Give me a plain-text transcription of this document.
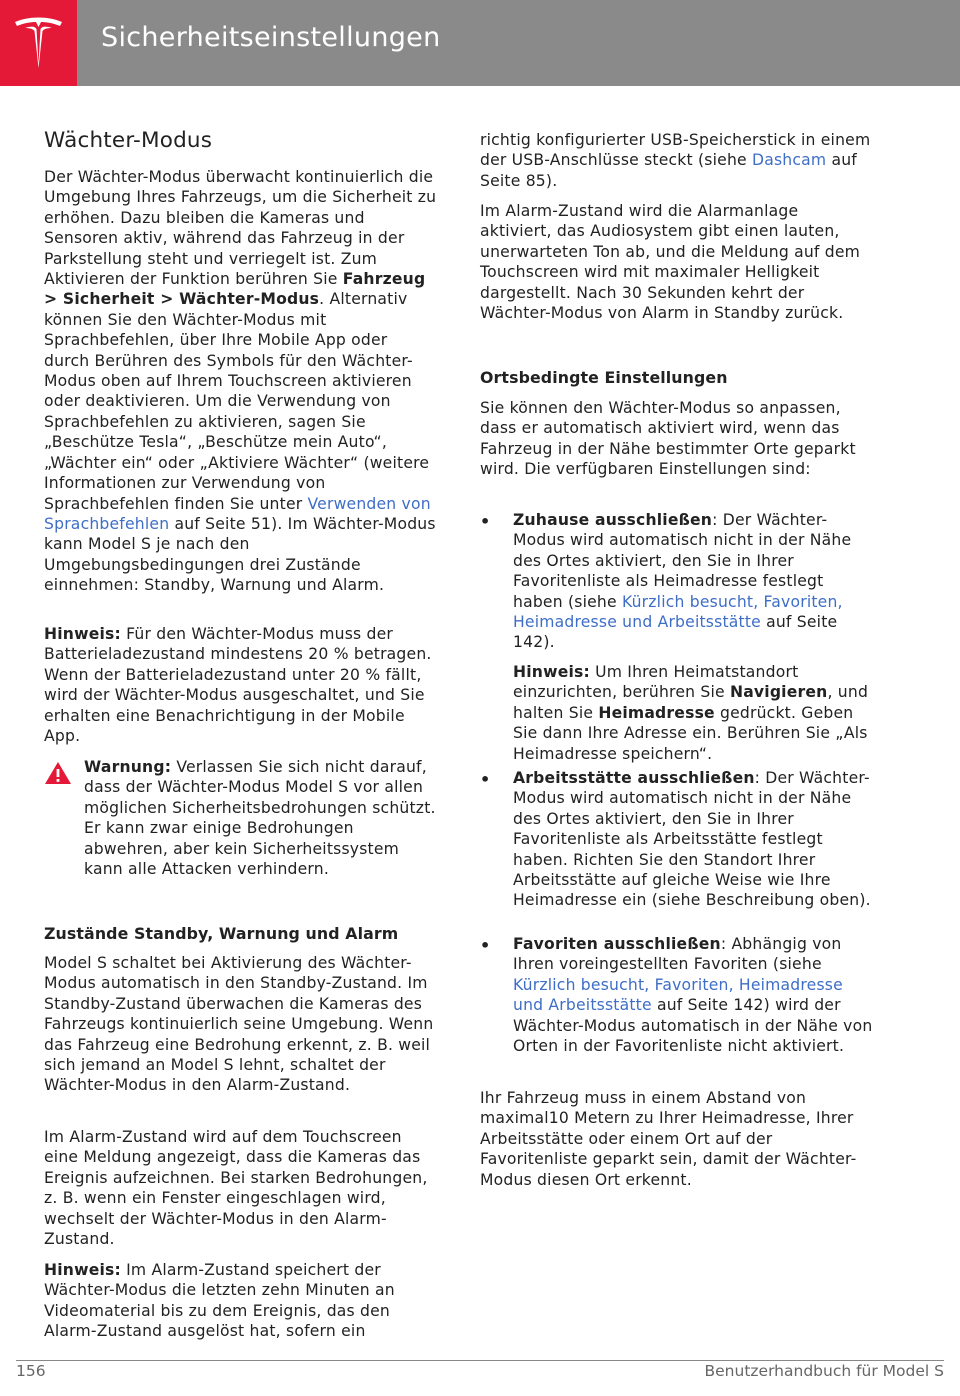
Sicherheitseinstellungen
Wächter-Modus
Der Wächter-Modus überwacht kontinuierlich die Umgebung Ihres Fahrzeugs, um die Sicherheit zu erhöhen. Dazu bleiben die Kameras und Sensoren aktiv, während das Fahrzeug in der Parkstellung steht und verriegelt ist. Zum Aktivieren der Funktion berühren Sie Fahrzeug > Sicherheit > Wächter-Modus. Alternativ können Sie den Wächter-Modus mit Sprachbefehlen, über Ihre Mobile App oder durch Berühren des Symbols für den Wächter-Modus oben auf Ihrem Touchscreen aktivieren oder deaktivieren. Um die Verwendung von Sprachbefehlen zu aktivieren, sagen Sie „Beschütze Tesla“, „Beschütze mein Auto“, „Wächter ein“ oder „Aktiviere Wächter“ (weitere Informationen zur Verwendung von Sprachbefehlen finden Sie unter Verwenden von Sprachbefehlen auf Seite 51). Im Wächter-Modus kann Model S je nach den Umgebungsbedingungen drei Zustände einnehmen: Standby, Warnung und Alarm.
Hinweis: Für den Wächter-Modus muss der Batterieladezustand mindestens 20 % betragen. Wenn der Batterieladezustand unter 20 % fällt, wird der Wächter-Modus ausgeschaltet, und Sie erhalten eine Benachrichtigung in der Mobile App.
Warnung: Verlassen Sie sich nicht darauf, dass der Wächter-Modus Model S vor allen möglichen Sicherheitsbedrohungen schützt. Er kann zwar einige Bedrohungen abwehren, aber kein Sicherheitssystem kann alle Attacken verhindern.
Zustände Standby, Warnung und Alarm
Model S schaltet bei Aktivierung des Wächter-Modus automatisch in den Standby-Zustand. Im Standby-Zustand überwachen die Kameras des Fahrzeugs kontinuierlich seine Umgebung. Wenn das Fahrzeug eine Bedrohung erkennt, z. B. weil sich jemand an Model S lehnt, schaltet der Wächter-Modus in den Alarm-Zustand.
Im Alarm-Zustand wird auf dem Touchscreen eine Meldung angezeigt, dass die Kameras das Ereignis aufzeichnen. Bei starken Bedrohungen, z. B. wenn ein Fenster eingeschlagen wird, wechselt der Wächter-Modus in den Alarm-Zustand.
Hinweis: Im Alarm-Zustand speichert der Wächter-Modus die letzten zehn Minuten an Videomaterial bis zu dem Ereignis, das den Alarm-Zustand ausgelöst hat, sofern ein
richtig konfigurierter USB-Speicherstick in einem der USB-Anschlüsse steckt (siehe Dashcam auf Seite 85).
Im Alarm-Zustand wird die Alarmanlage aktiviert, das Audiosystem gibt einen lauten, unerwarteten Ton ab, und die Meldung auf dem Touchscreen wird mit maximaler Helligkeit dargestellt. Nach 30 Sekunden kehrt der Wächter-Modus von Alarm in Standby zurück.
Ortsbedingte Einstellungen
Sie können den Wächter-Modus so anpassen, dass er automatisch aktiviert wird, wenn das Fahrzeug in der Nähe bestimmter Orte geparkt wird. Die verfügbaren Einstellungen sind:
• Zuhause ausschließen: Der Wächter-Modus wird automatisch nicht in der Nähe des Ortes aktiviert, den Sie in Ihrer Favoritenliste als Heimadresse festlegt haben (siehe Kürzlich besucht, Favoriten, Heimadresse und Arbeitsstätte auf Seite 142).
Hinweis: Um Ihren Heimatstandort einzurichten, berühren Sie Navigieren, und halten Sie Heimadresse gedrückt. Geben Sie dann Ihre Adresse ein. Berühren Sie „Als Heimadresse speichern“.
• Arbeitsstätte ausschließen: Der Wächter-Modus wird automatisch nicht in der Nähe des Ortes aktiviert, den Sie in Ihrer Favoritenliste als Arbeitsstätte festlegt haben. Richten Sie den Standort Ihrer Arbeitsstätte auf gleiche Weise wie Ihre Heimadresse ein (siehe Beschreibung oben).
• Favoriten ausschließen: Abhängig von Ihren voreingestellten Favoriten (siehe Kürzlich besucht, Favoriten, Heimadresse und Arbeitsstätte auf Seite 142) wird der Wächter-Modus automatisch in der Nähe von Orten in der Favoritenliste nicht aktiviert.
Ihr Fahrzeug muss in einem Abstand von maximal10 Metern zu Ihrer Heimadresse, Ihrer Arbeitsstätte oder einem Ort auf der Favoritenliste geparkt sein, damit der Wächter-Modus diesen Ort erkennt.
156	Benutzerhandbuch für Model S
